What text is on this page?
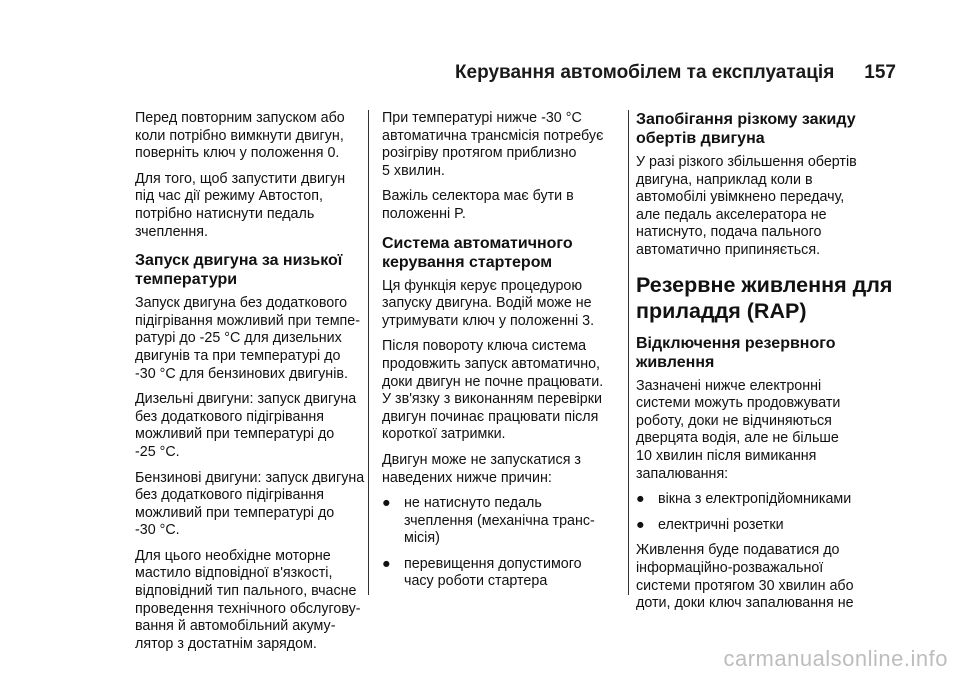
Керування автомобілем та експлуатація 157

Перед повторним запуском або
коли потрібно вимкнути двигун,
поверніть ключ у положення 0.

Для того, щоб запустити двигун
під час дії режиму Автостоп,
потрібно натиснути педаль
зчеплення.

Запуск двигуна за низької
температури

Запуск двигуна без додаткового
підігрівання можливий при темпе-
ратурі до -25 °C для дизельних
двигунів та при температурі до
-30 °C для бензинових двигунів.

Дизельні двигуни: запуск двигуна
без додаткового підігрівання
можливий при температурі до
-25 °C.

Бензинові двигуни: запуск двигуна
без додаткового підігрівання
можливий при температурі до
-30 °C.

Для цього необхідне моторне
мастило відповідної в'язкості,
відповідний тип пального, вчасне
проведення технічного обслугову-
вання й автомобільний акуму-
лятор з достатнім зарядом.

При температурі нижче -30 °C
автоматична трансмісія потребує
розігріву протягом приблизно
5 хвилин.

Важіль селектора має бути в
положенні P.

Система автоматичного
керування стартером

Ця функція керує процедурою
запуску двигуна. Водій може не
утримувати ключ у положенні 3.

Після повороту ключа система
продовжить запуск автоматично,
доки двигун не почне працювати.
У зв'язку з виконанням перевірки
двигун починає працювати після
короткої затримки.

Двигун може не запускатися з
наведених нижче причин:

● не натиснуто педаль
зчеплення (механічна транс-
місія)
● перевищення допустимого
часу роботи стартера
Запобігання різкому закиду
обертів двигуна

У разі різкого збільшення обертів
двигуна, наприклад коли в
автомобілі увімкнено передачу,
але педаль акселератора не
натиснуто, подача пального
автоматично припиняється.

Резервне живлення для
приладдя (RAP)
Відключення резервного
живлення

Зазначені нижче електронні
системи можуть продовжувати
роботу, доки не відчиняються
дверцята водія, але не більше
10 хвилин після вимикання
запалювання:

● вікна з електропідйомниками
● електричні розетки

Живлення буде подаватися до
інформаційно-розважальної
системи протягом 30 хвилин або
доти, доки ключ запалювання не

carmanualsonline.info
